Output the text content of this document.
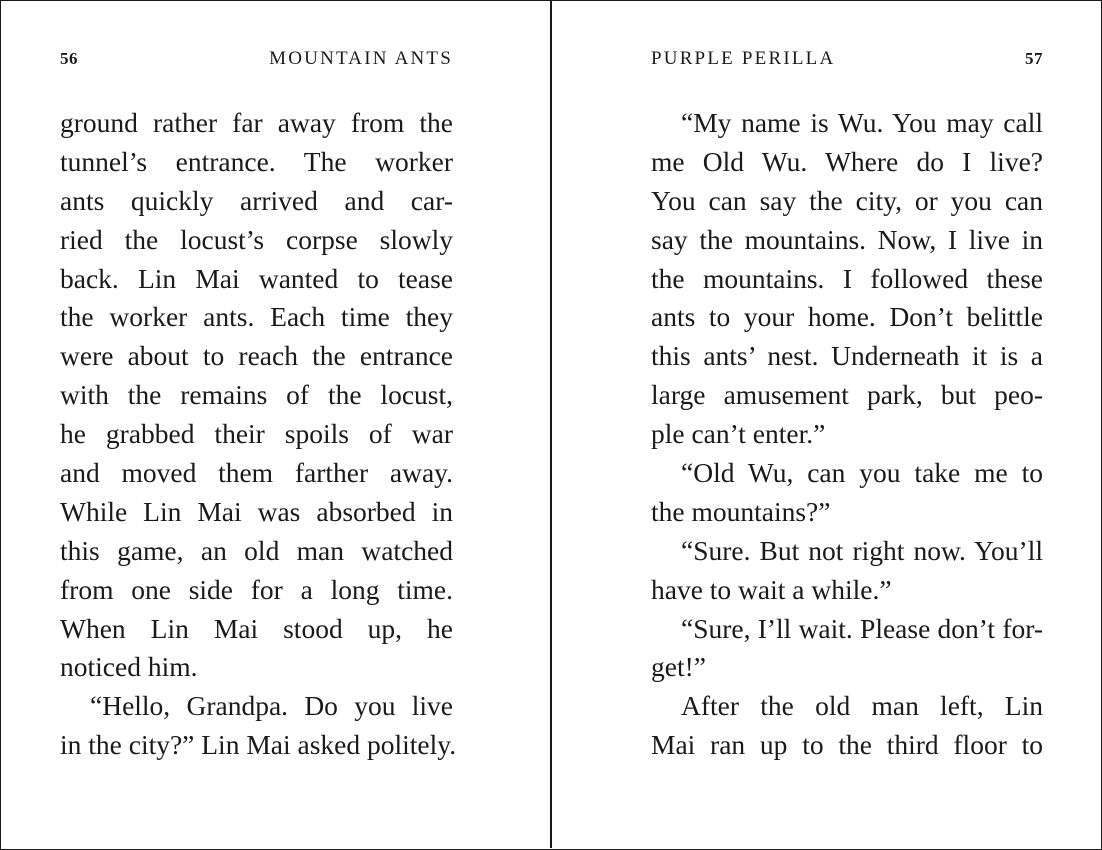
56	MOUNTAIN ANTS
ground rather far away from the
tunnel’s entrance. The worker
ants quickly arrived and car-
ried the locust’s corpse slowly
back. Lin Mai wanted to tease
the worker ants. Each time they
were about to reach the entrance
with the remains of the locust,
he grabbed their spoils of war
and moved them farther away.
While Lin Mai was absorbed in
this game, an old man watched
from one side for a long time.
When Lin Mai stood up, he
noticed him.
“Hello, Grandpa. Do you live
in the city?” Lin Mai asked politely.
PURPLE PERILLA	57
“My name is Wu. You may call
me Old Wu. Where do I live?
You can say the city, or you can
say the mountains. Now, I live in
the mountains. I followed these
ants to your home. Don’t belittle
this ants’ nest. Underneath it is a
large amusement park, but peo-
ple can’t enter.”
“Old Wu, can you take me to
the mountains?”
“Sure. But not right now. You’ll
have to wait a while.”
“Sure, I’ll wait. Please don’t for-
get!”
After the old man left, Lin
Mai ran up to the third floor to
